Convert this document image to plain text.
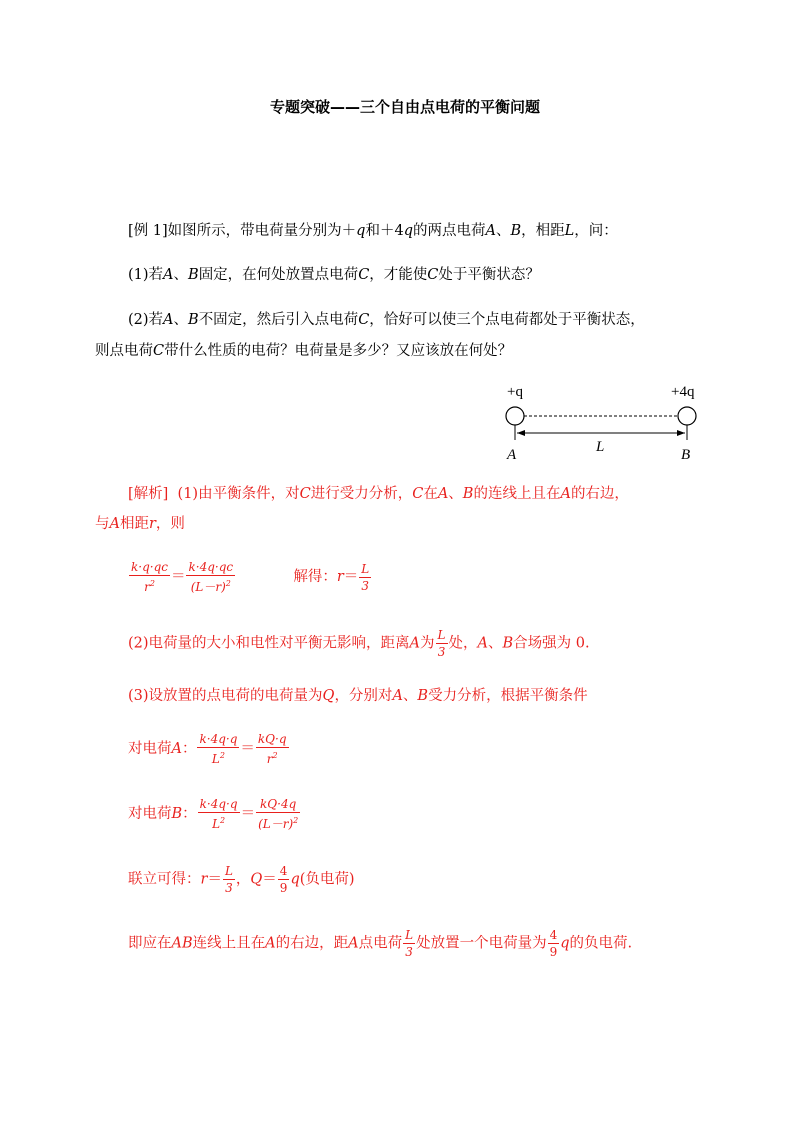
专题突破——三个自由点电荷的平衡问题
[例 1]如图所示，带电荷量分别为＋q和＋4q的两点电荷A、B，相距L，问：
(1)若A、B固定，在何处放置点电荷C，才能使C处于平衡状态？
(2)若A、B不固定，然后引入点电荷C，恰好可以使三个点电荷都处于平衡状态，
则点电荷C带什么性质的电荷？电荷量是多少？又应该放在何处？
+q	+4q
L
A	B
[解析] (1)由平衡条件，对C进行受力分析，C在A、B的连线上且在A的右边，
与A相距r，则
$\frac{k\cdot q\cdot qc}{r^2} = \frac{k\cdot 4q\cdot qc}{(L-r)^2}$	解得：$r= \frac{L}{3}$
(2)电荷量的大小和电性对平衡无影响，距离A为 $\frac{L}{3}$ 处，A、B合场强为 0.
(3)设放置的点电荷的电荷量为Q，分别对A、B受力分析，根据平衡条件
对电荷A： $\frac{k\cdot 4q\cdot q}{L^2} = \frac{kQ\cdot q}{r^2}$
对电荷B： $\frac{k\cdot 4q\cdot q}{L^2} = \frac{kQ\cdot 4q}{(L-r)^2}$
联立可得：$r= \frac{L}{3}$ ，$Q= \frac{4}{9} q$(负电荷)
即应在AB连线上且在A的右边，距A点电荷 $\frac{L}{3}$ 处放置一个电荷量为 $\frac{4}{9}$ q的负电荷.
